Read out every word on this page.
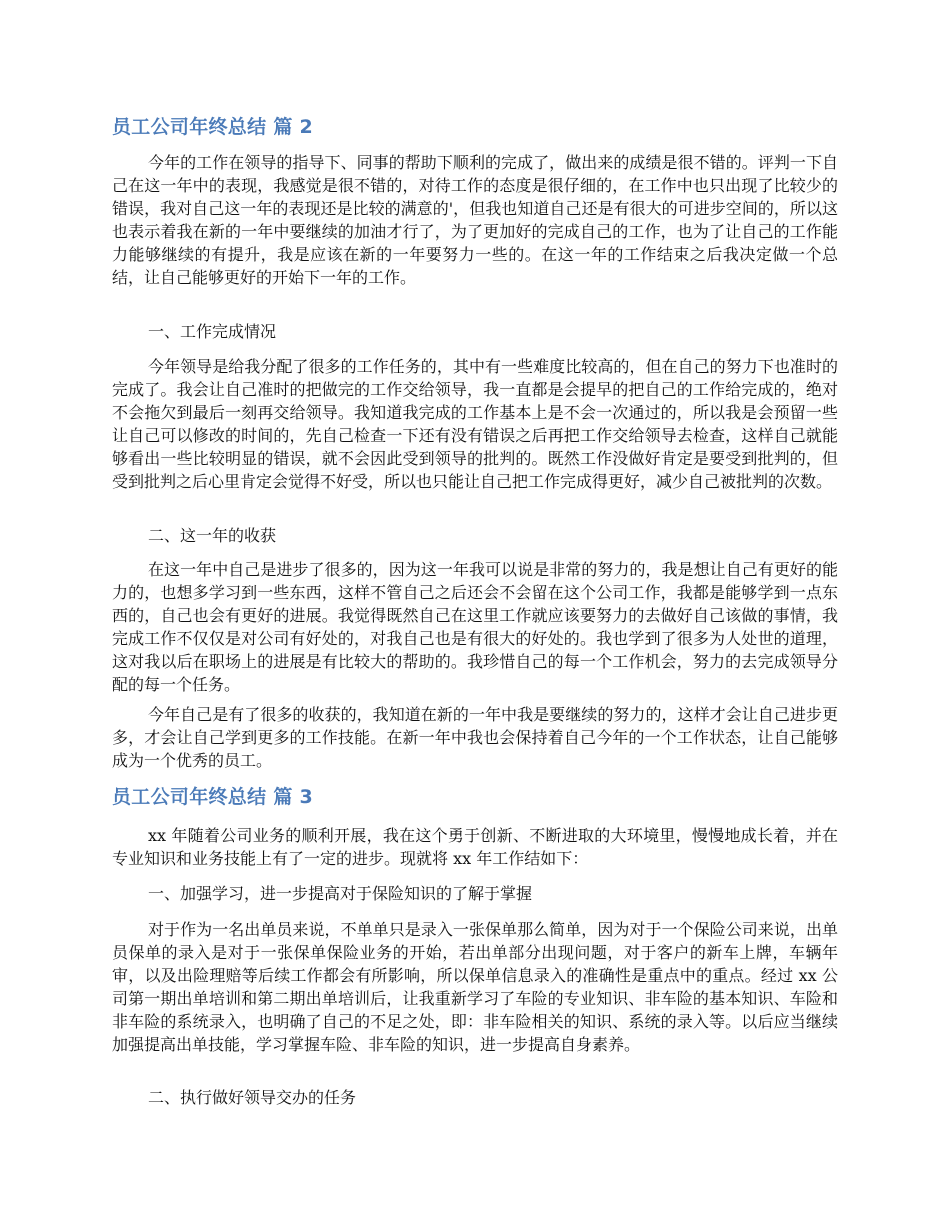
员工公司年终总结 篇 2

今年的工作在领导的指导下、同事的帮助下顺利的完成了，做出来的成绩是很不错的。评判一下自己在这一年中的表现，我感觉是很不错的，对待工作的态度是很仔细的，在工作中也只出现了比较少的错误，我对自己这一年的表现还是比较的满意的'，但我也知道自己还是有很大的可进步空间的，所以这也表示着我在新的一年中要继续的加油才行了，为了更加好的完成自己的工作，也为了让自己的工作能力能够继续的有提升，我是应该在新的一年要努力一些的。在这一年的工作结束之后我决定做一个总结，让自己能够更好的开始下一年的工作。

一、工作完成情况

今年领导是给我分配了很多的工作任务的，其中有一些难度比较高的，但在自己的努力下也准时的完成了。我会让自己准时的把做完的工作交给领导，我一直都是会提早的把自己的工作给完成的，绝对不会拖欠到最后一刻再交给领导。我知道我完成的工作基本上是不会一次通过的，所以我是会预留一些让自己可以修改的时间的，先自己检查一下还有没有错误之后再把工作交给领导去检查，这样自己就能够看出一些比较明显的错误，就不会因此受到领导的批判的。既然工作没做好肯定是要受到批判的，但受到批判之后心里肯定会觉得不好受，所以也只能让自己把工作完成得更好，减少自己被批判的次数。

二、这一年的收获

在这一年中自己是进步了很多的，因为这一年我可以说是非常的努力的，我是想让自己有更好的能力的，也想多学习到一些东西，这样不管自己之后还会不会留在这个公司工作，我都是能够学到一点东西的，自己也会有更好的进展。我觉得既然自己在这里工作就应该要努力的去做好自己该做的事情，我完成工作不仅仅是对公司有好处的，对我自己也是有很大的好处的。我也学到了很多为人处世的道理，这对我以后在职场上的进展是有比较大的帮助的。我珍惜自己的每一个工作机会，努力的去完成领导分配的每一个任务。

今年自己是有了很多的收获的，我知道在新的一年中我是要继续的努力的，这样才会让自己进步更多，才会让自己学到更多的工作技能。在新一年中我也会保持着自己今年的一个工作状态，让自己能够成为一个优秀的员工。

员工公司年终总结 篇 3

xx 年随着公司业务的顺利开展，我在这个勇于创新、不断进取的大环境里，慢慢地成长着，并在专业知识和业务技能上有了一定的进步。现就将 xx 年工作结如下：

一、加强学习，进一步提高对于保险知识的了解于掌握

对于作为一名出单员来说，不单单只是录入一张保单那么简单，因为对于一个保险公司来说，出单员保单的录入是对于一张保单保险业务的开始，若出单部分出现问题，对于客户的新车上牌，车辆年审，以及出险理赔等后续工作都会有所影响，所以保单信息录入的准确性是重点中的重点。经过 xx 公司第一期出单培训和第二期出单培训后，让我重新学习了车险的专业知识、非车险的基本知识、车险和非车险的系统录入，也明确了自己的不足之处，即：非车险相关的知识、系统的录入等。以后应当继续加强提高出单技能，学习掌握车险、非车险的知识，进一步提高自身素养。

二、执行做好领导交办的任务
